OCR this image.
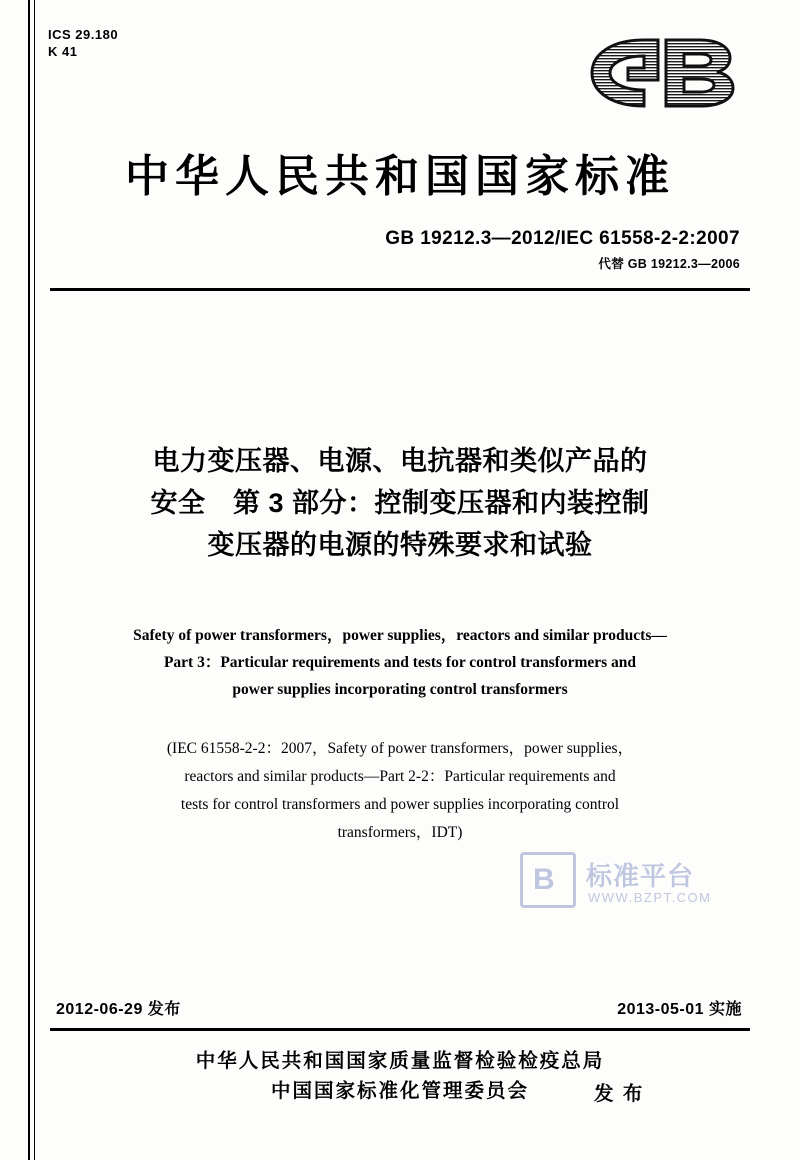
ICS 29.180
K 41
中华人民共和国国家标准
GB 19212.3—2012/IEC 61558-2-2:2007
代替 GB 19212.3—2006
电力变压器、电源、电抗器和类似产品的
安全　第 3 部分：控制变压器和内装控制
变压器的电源的特殊要求和试验
Safety of power transformers，power supplies，reactors and similar products—
Part 3：Particular requirements and tests for control transformers and
power supplies incorporating control transformers
(IEC 61558-2-2：2007，Safety of power transformers，power supplies，
reactors and similar products—Part 2-2：Particular requirements and
tests for control transformers and power supplies incorporating control
transformers，IDT)
B 标准平台
WWW.BZPT.COM
2012-06-29 发布	2013-05-01 实施
中华人民共和国国家质量监督检验检疫总局
中国国家标准化管理委员会	发 布
